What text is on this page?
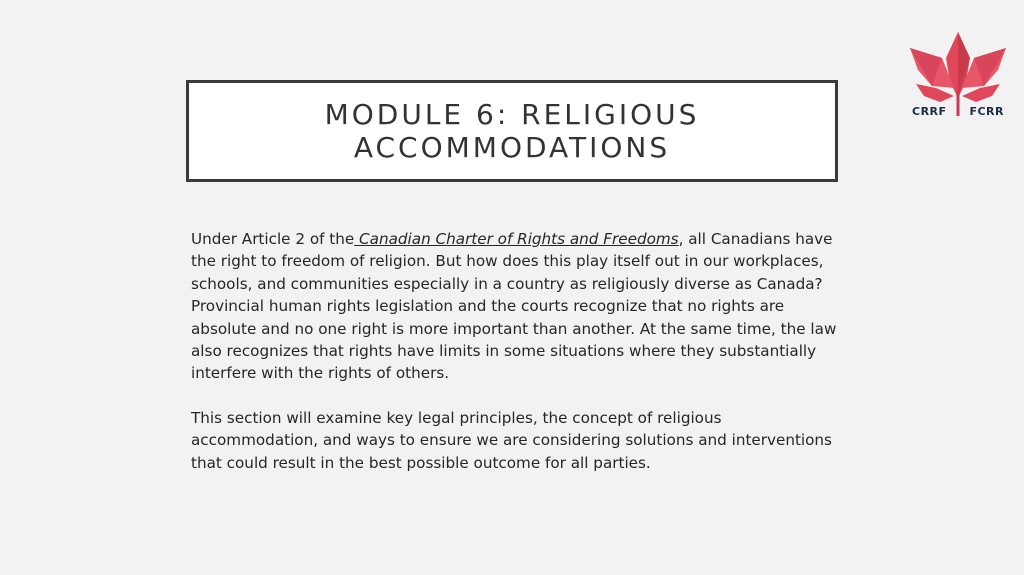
MODULE 6: RELIGIOUS
ACCOMMODATIONS

Under Article 2 of the Canadian Charter of Rights and Freedoms, all Canadians have the right to freedom of religion. But how does this play itself out in our workplaces, schools, and communities especially in a country as religiously diverse as Canada? Provincial human rights legislation and the courts recognize that no rights are absolute and no one right is more important than another. At the same time, the law also recognizes that rights have limits in some situations where they substantially interfere with the rights of others.

This section will examine key legal principles, the concept of religious accommodation, and ways to ensure we are considering solutions and interventions that could result in the best possible outcome for all parties.

CRRF FCRR
